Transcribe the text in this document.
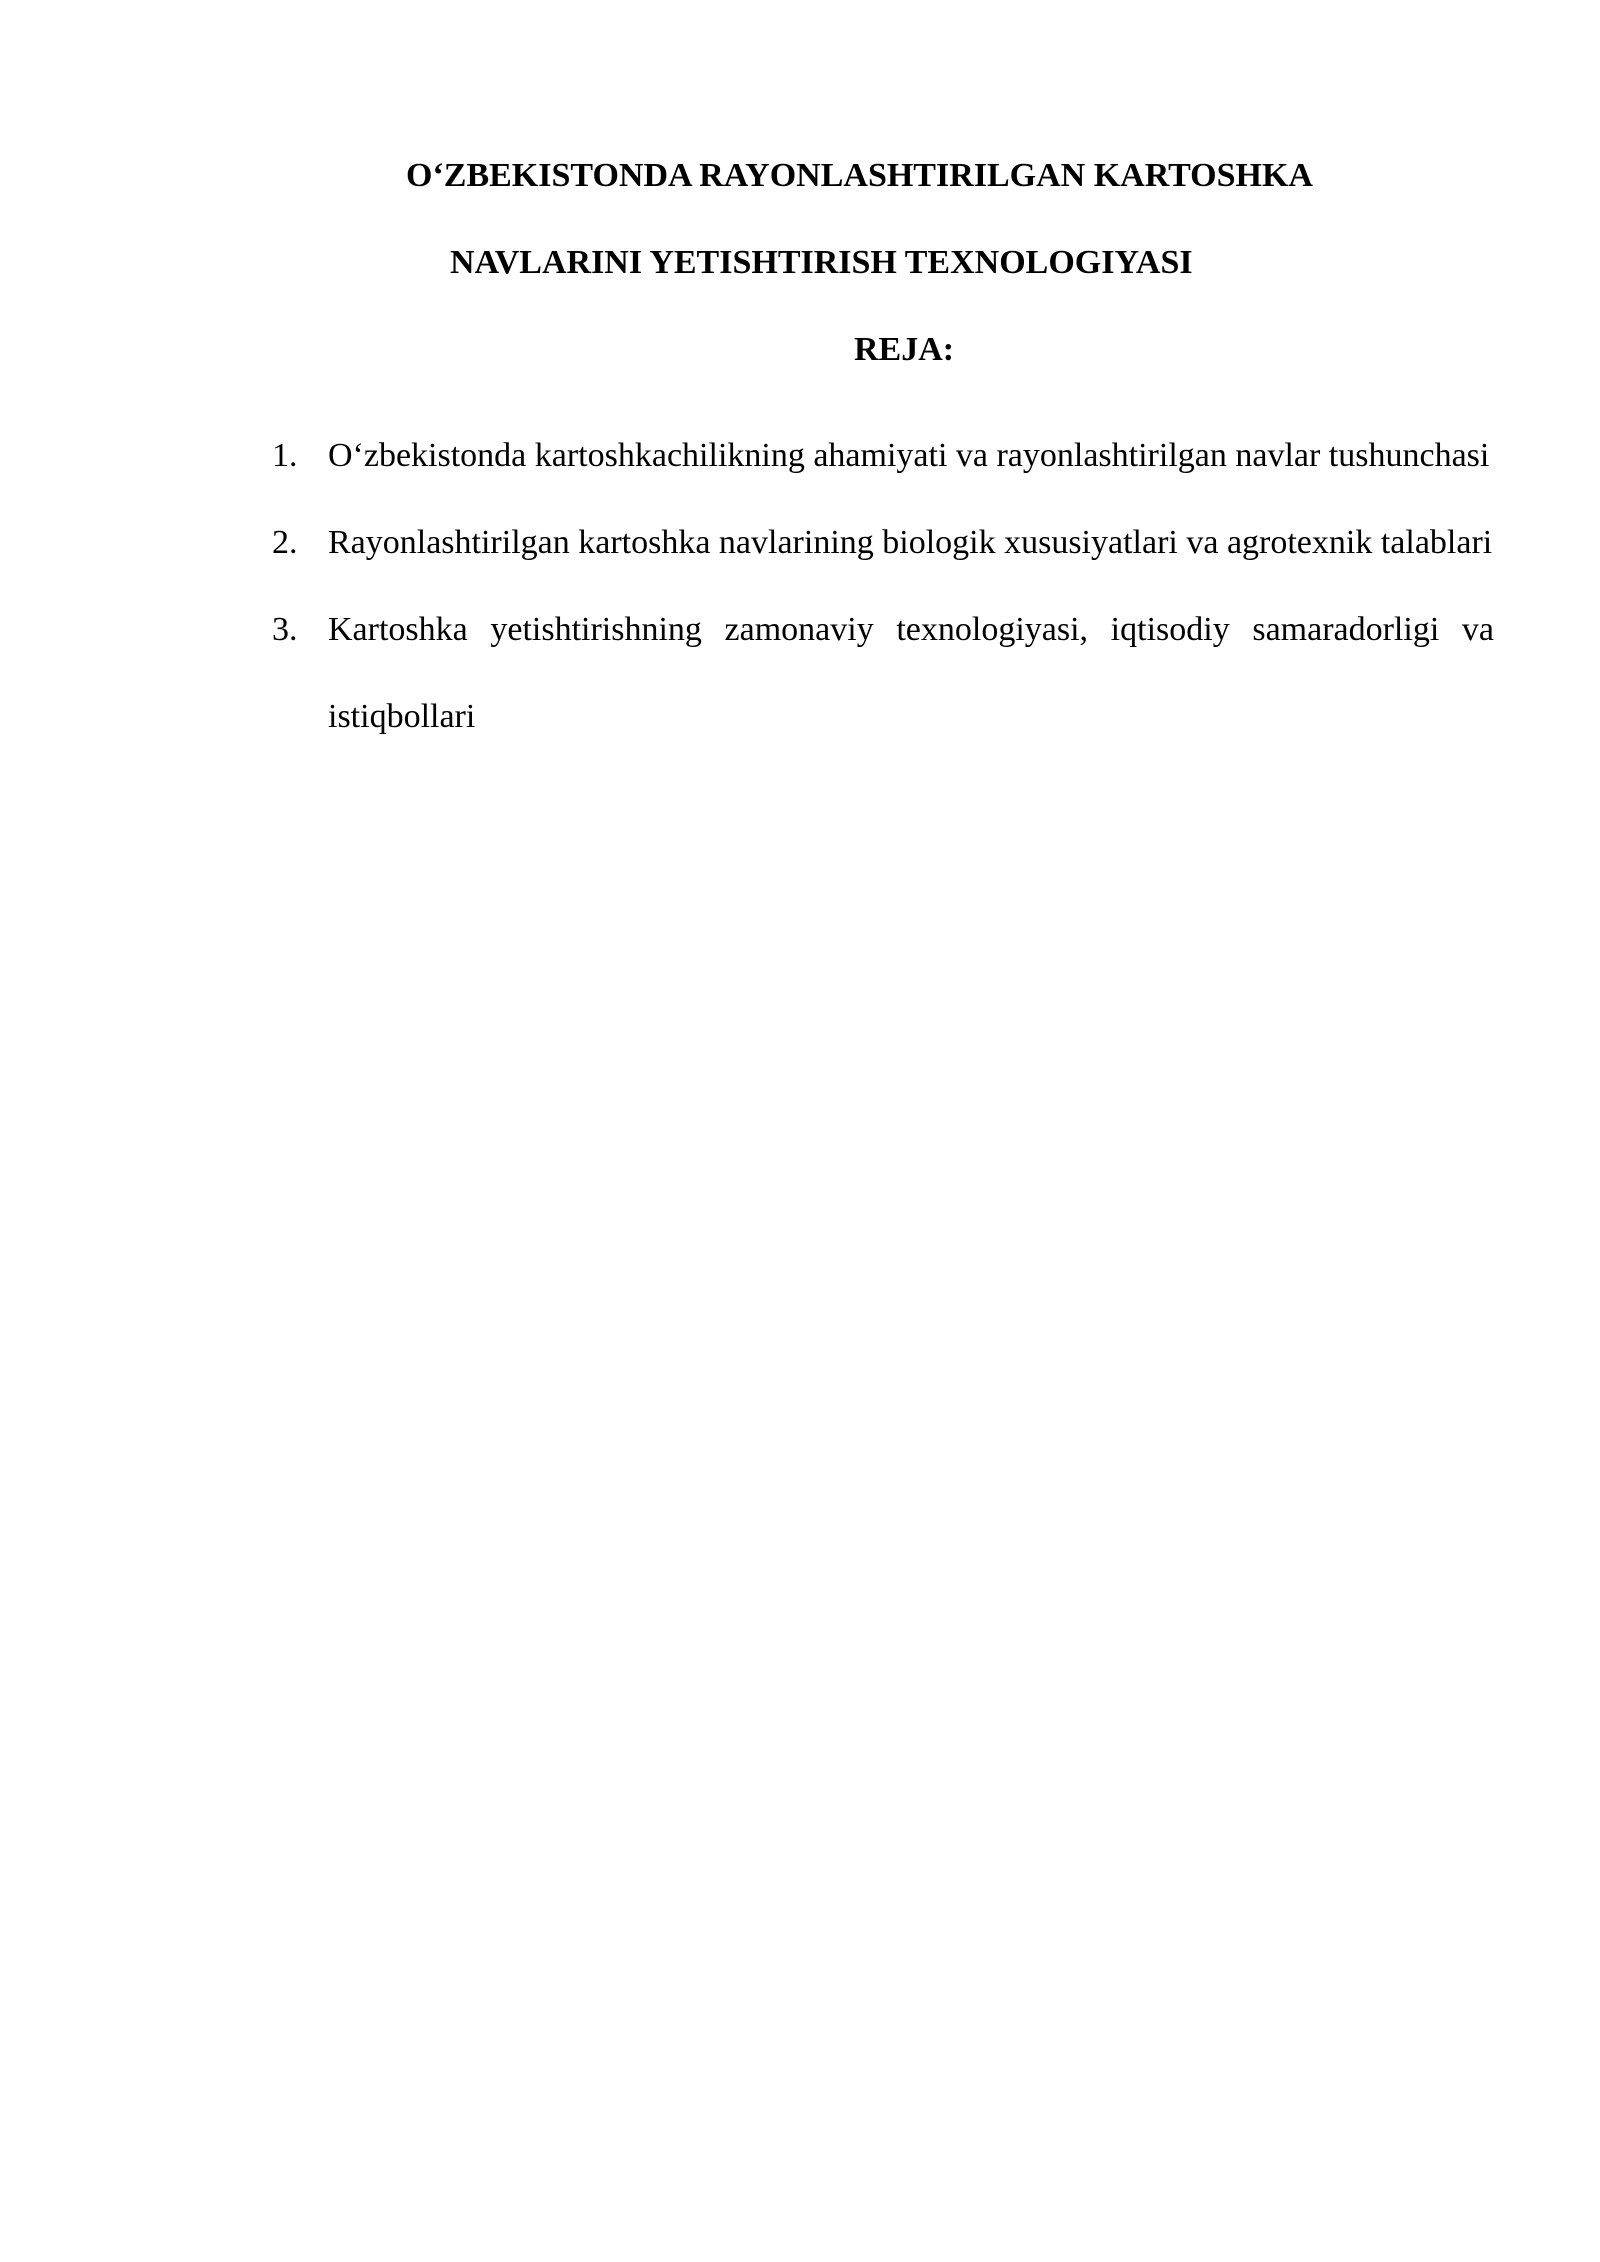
O‘ZBEKISTONDA RAYONLASHTIRILGAN KARTOSHKA

NAVLARINI YETISHTIRISH TEXNOLOGIYASI

REJA:

1. O‘zbekistonda kartoshkachilikning ahamiyati va rayonlashtirilgan navlar tushunchasi
2. Rayonlashtirilgan kartoshka navlarining biologik xususiyatlari va agrotexnik talablari
3. Kartoshka yetishtirishning zamonaviy texnologiyasi, iqtisodiy samaradorligi va istiqbollari
